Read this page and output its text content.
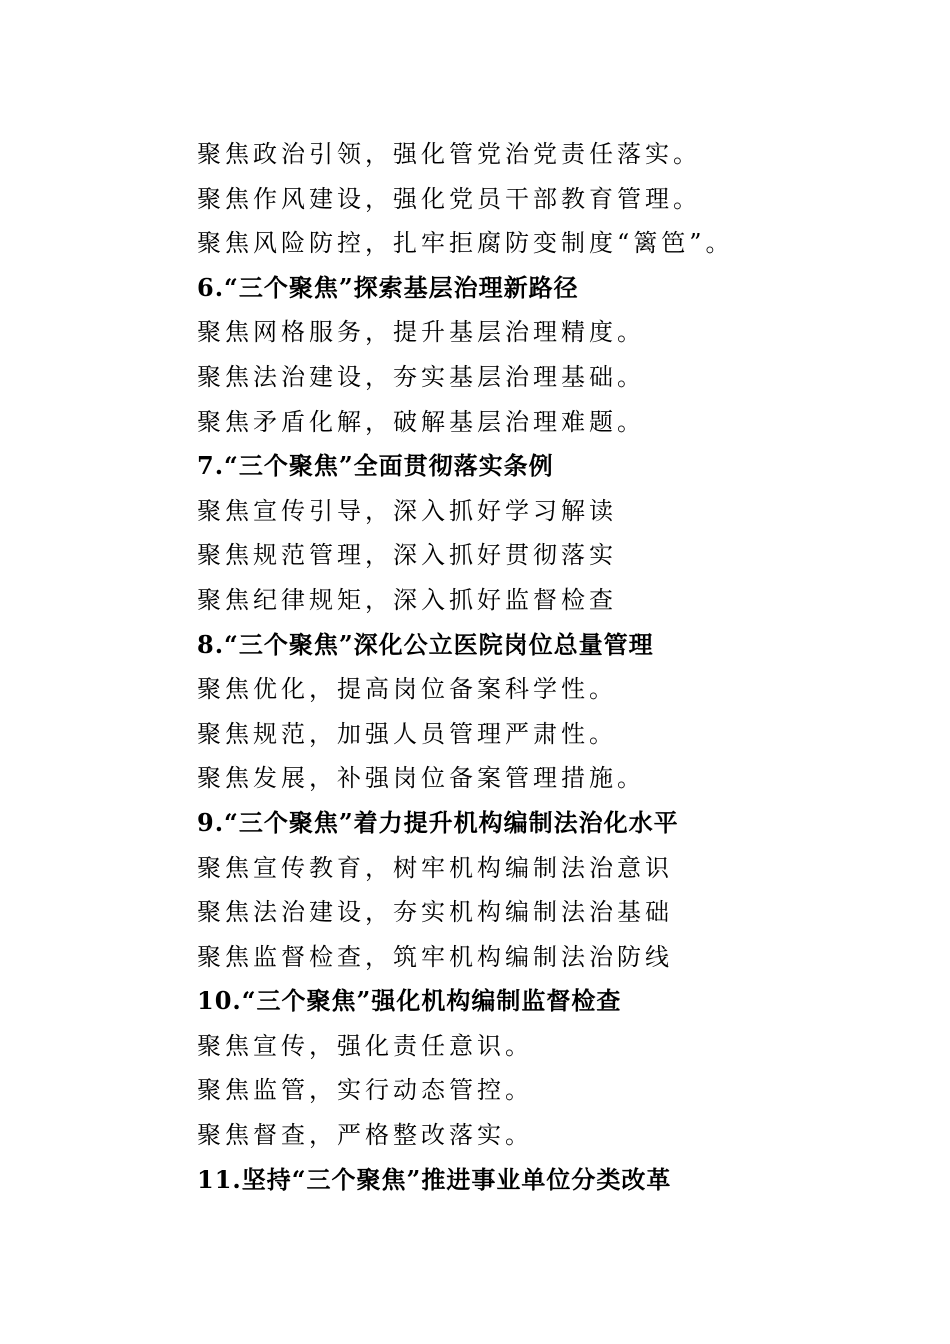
聚焦政治引领，强化管党治党责任落实。
聚焦作风建设，强化党员干部教育管理。
聚焦风险防控，扎牢拒腐防变制度“篱笆”。
6.“三个聚焦”探索基层治理新路径
聚焦网格服务，提升基层治理精度。
聚焦法治建设，夯实基层治理基础。
聚焦矛盾化解，破解基层治理难题。
7.“三个聚焦”全面贯彻落实条例
聚焦宣传引导，深入抓好学习解读
聚焦规范管理，深入抓好贯彻落实
聚焦纪律规矩，深入抓好监督检查
8.“三个聚焦”深化公立医院岗位总量管理
聚焦优化，提高岗位备案科学性。
聚焦规范，加强人员管理严肃性。
聚焦发展，补强岗位备案管理措施。
9.“三个聚焦”着力提升机构编制法治化水平
聚焦宣传教育，树牢机构编制法治意识
聚焦法治建设，夯实机构编制法治基础
聚焦监督检查，筑牢机构编制法治防线
10.“三个聚焦”强化机构编制监督检查
聚焦宣传，强化责任意识。
聚焦监管，实行动态管控。
聚焦督查，严格整改落实。
11.坚持“三个聚焦”推进事业单位分类改革
